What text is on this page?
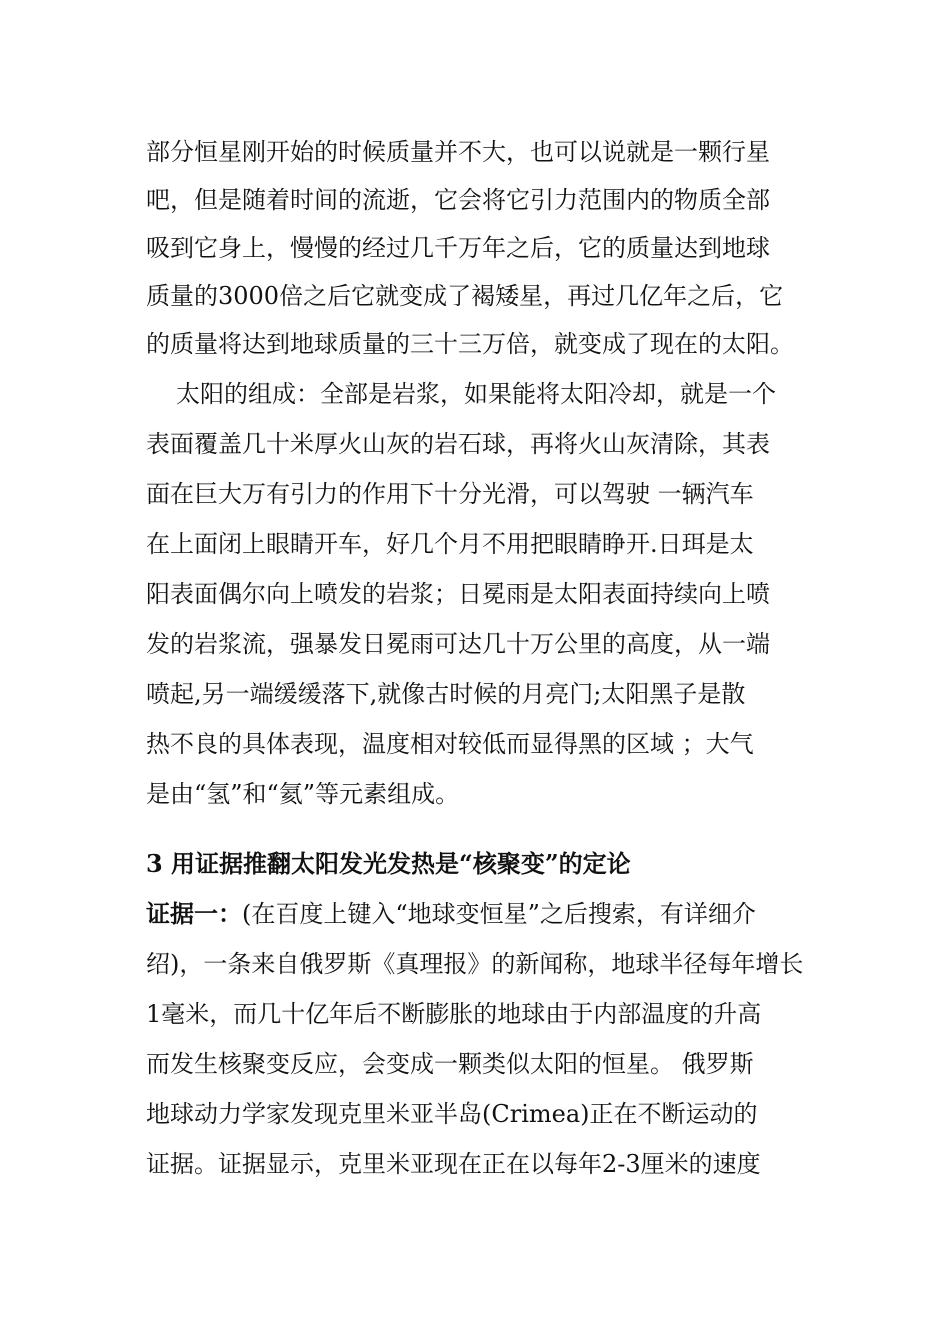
部分恒星刚开始的时候质量并不大，也可以说就是一颗行星

吧，但是随着时间的流逝，它会将它引力范围内的物质全部

吸到它身上，慢慢的经过几千万年之后，它的质量达到地球

质量的3000倍之后它就变成了褐矮星，再过几亿年之后，它

的质量将达到地球质量的三十三万倍，就变成了现在的太阳。

太阳的组成：全部是岩浆，如果能将太阳冷却，就是一个

表面覆盖几十米厚火山灰的岩石球，再将火山灰清除，其表

面在巨大万有引力的作用下十分光滑，可以驾驶 一辆汽车

在上面闭上眼睛开车，好几个月不用把眼睛睁开.日珥是太

阳表面偶尔向上喷发的岩浆；日冕雨是太阳表面持续向上喷

发的岩浆流，强暴发日冕雨可达几十万公里的高度，从一端

喷起,另一端缓缓落下,就像古时候的月亮门;太阳黑子是散

热不良的具体表现，温度相对较低而显得黑的区域 ；大气

是由“氢”和“氦”等元素组成。

3 用证据推翻太阳发光发热是“核聚变”的定论

证据一：(在百度上键入“地球变恒星”之后搜索，有详细介

绍)，一条来自俄罗斯《真理报》的新闻称，地球半径每年增长

1毫米，而几十亿年后不断膨胀的地球由于内部温度的升高

而发生核聚变反应，会变成一颗类似太阳的恒星。 俄罗斯

地球动力学家发现克里米亚半岛(Crimea)正在不断运动的

证据。证据显示，克里米亚现在正在以每年2-3厘米的速度
